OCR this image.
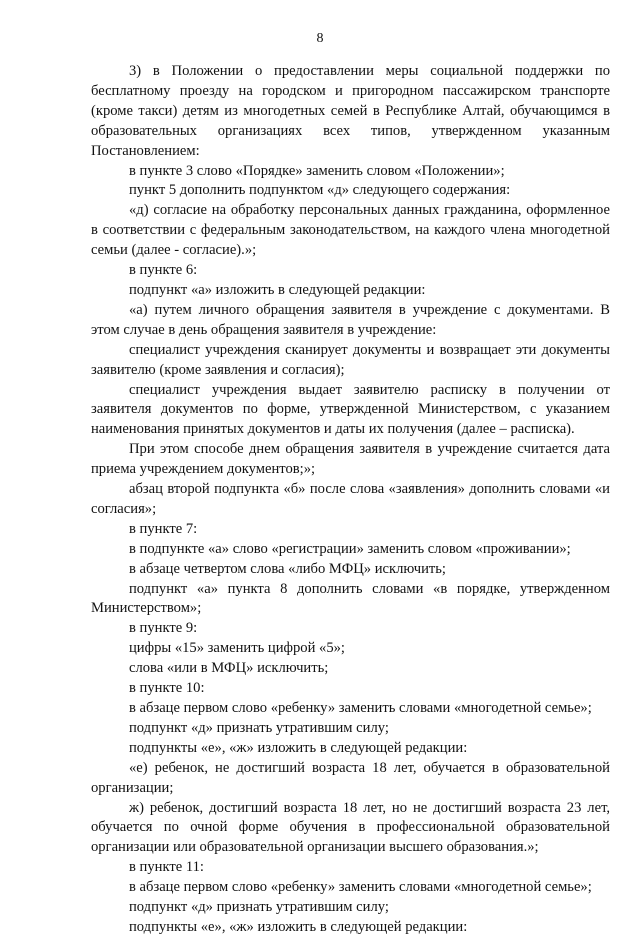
8

3) в Положении о предоставлении меры социальной поддержки по бесплатному проезду на городском и пригородном пассажирском транспорте (кроме такси) детям из многодетных семей в Республике Алтай, обучающимся в образовательных организациях всех типов, утвержденном указанным Постановлением:

в пункте 3 слово «Порядке» заменить словом «Положении»;

пункт 5 дополнить подпунктом «д» следующего содержания:

«д) согласие на обработку персональных данных гражданина, оформленное в соответствии с федеральным законодательством, на каждого члена многодетной семьи (далее - согласие).»;

в пункте 6:

подпункт «а» изложить в следующей редакции:

«а) путем личного обращения заявителя в учреждение с документами. В этом случае в день обращения заявителя в учреждение:

специалист учреждения сканирует документы и возвращает эти документы заявителю (кроме заявления и согласия);

специалист учреждения выдает заявителю расписку в получении от заявителя документов по форме, утвержденной Министерством, с указанием наименования принятых документов и даты их получения (далее – расписка).

При этом способе днем обращения заявителя в учреждение считается дата приема учреждением документов;»;

абзац второй подпункта «б» после слова «заявления» дополнить словами «и согласия»;

в пункте 7:

в подпункте «а» слово «регистрации» заменить словом «проживании»;

в абзаце четвертом слова «либо МФЦ» исключить;

подпункт «а» пункта 8 дополнить словами «в порядке, утвержденном Министерством»;

в пункте 9:

цифры «15» заменить цифрой «5»;

слова «или в МФЦ» исключить;

в пункте 10:

в абзаце первом слово «ребенку» заменить словами «многодетной семье»;

подпункт «д» признать утратившим силу;

подпункты «е», «ж» изложить в следующей редакции:

«е) ребенок, не достигший возраста 18 лет, обучается в образовательной организации;

ж) ребенок, достигший возраста 18 лет, но не достигший возраста 23 лет, обучается по очной форме обучения в профессиональной образовательной организации или образовательной организации высшего образования.»;

в пункте 11:

в абзаце первом слово «ребенку» заменить словами «многодетной семье»;

подпункт «д» признать утратившим силу;

подпункты «е», «ж» изложить в следующей редакции:
